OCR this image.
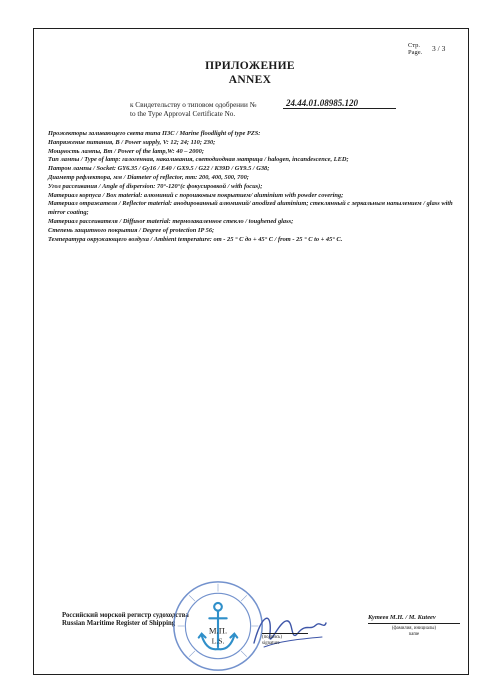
Стр.
Page. 3 / 3
ПРИЛОЖЕНИЕ
ANNEX
к Свидетельству о типовом одобрении №
to the Type Approval Certificate No.
24.44.01.08985.120
Прожекторы заливающего света типа ПЗС / Marine floodlight of type PZS:
Напряжение питания, В / Power supply, V: 12; 24; 110; 230;
Мощность лампы, Вт / Power of the lamp,W: 40 – 2000;
Тип лампы / Type of lamp: галогенная, накаливания, светодиодная матрица / halogen, incandescence, LED;
Патрон лампы / Socket: GY6.35 / Gy16 / E40 / GX9.5 / G22 / K39D / GY9.5 / G38;
Диаметр рефлектора, мм / Diameter of reflector, mm: 200, 400, 500, 700;
Угол рассеивания / Angle of dispersion: 70°-120°(с фокусировкой / with focus);
Материал корпуса / Box material: алюминий с порошковым покрытием/ aluminium with powder covering;
Материал отражателя / Reflector material: анодированный алюминий/ anodized aluminium; стеклянный с зеркальным напылением / glass with mirror coating;
Материал рассеивателя / Diffusor material: термозакаленное стекло / toughened glass;
Степень защитного покрытия / Degree of protection IP 56;
Температура окружающего воздуха / Ambient temperature: от - 25 ° C до + 45° C / from - 25 ° C to + 45° C.
Российский морской регистр судоходства
Russian Maritime Register of Shipping
М.П.
L.S.	(подпись)
signature
Кутеев М.Н. / M. Kuteev
(фамилия, инициалы)
name
